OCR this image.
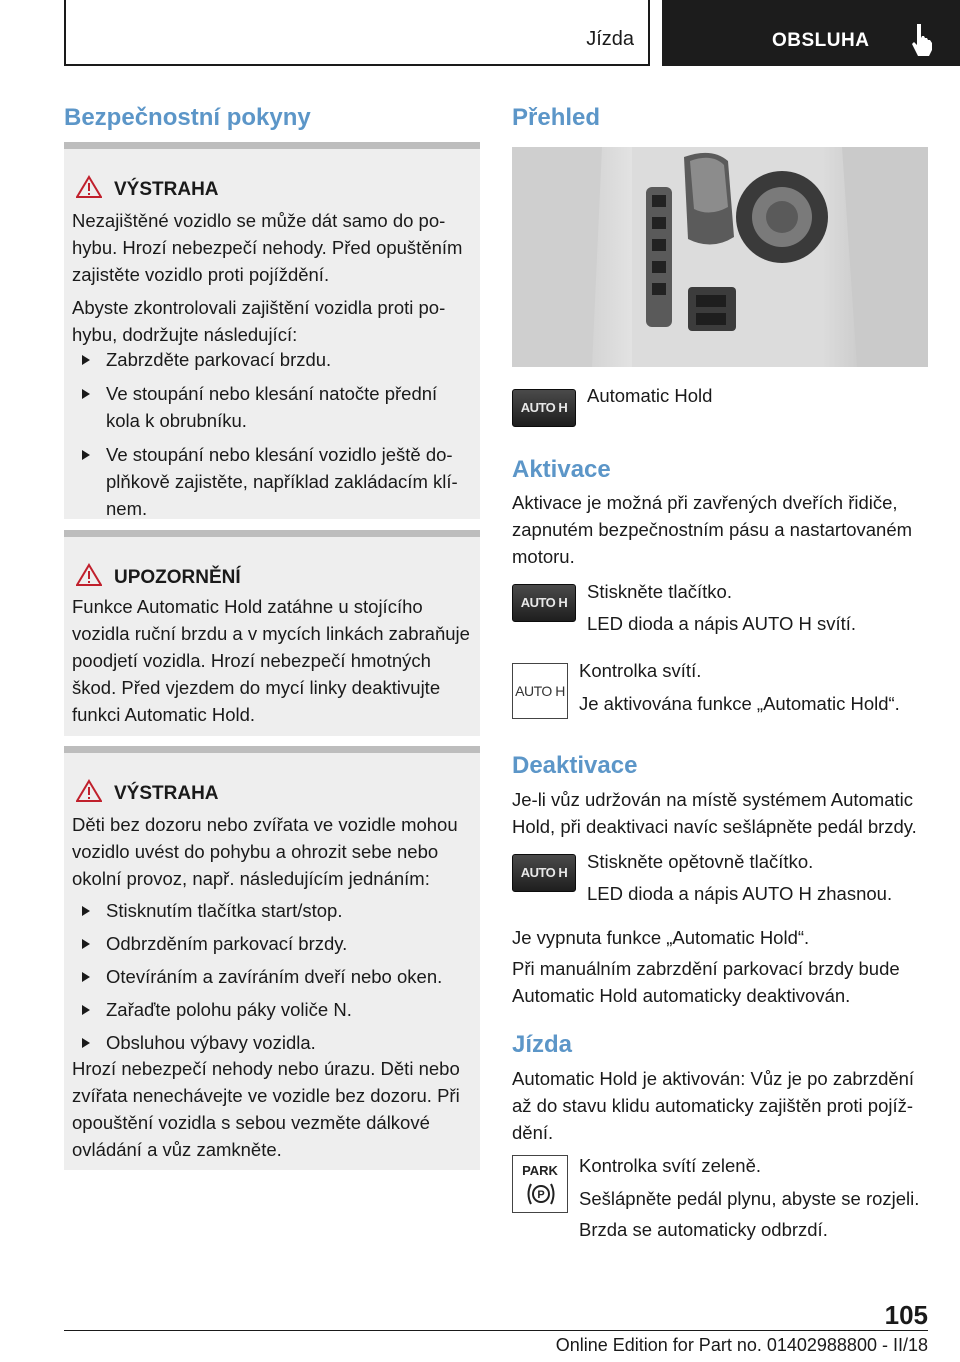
Jízda	OBSLUHA
Bezpečnostní pokyny
VÝSTRAHA
Nezajištěné vozidlo se může dát samo do po‐
hybu. Hrozí nebezpečí nehody. Před opuštěním
zajistěte vozidlo proti pojíždění.
Abyste zkontrolovali zajištění vozidla proti po‐
hybu, dodržujte následující:
Zabrzděte parkovací brzdu.
Ve stoupání nebo klesání natočte přední
kola k obrubníku.
Ve stoupání nebo klesání vozidlo ještě do‐
plňkově zajistěte, například zakládacím klí‐
nem.
UPOZORNĚNÍ
Funkce Automatic Hold zatáhne u stojícího
vozidla ruční brzdu a v mycích linkách zabraňuje
poodjetí vozidla. Hrozí nebezpečí hmotných
škod. Před vjezdem do mycí linky deaktivujte
funkci Automatic Hold.
VÝSTRAHA
Děti bez dozoru nebo zvířata ve vozidle mohou
vozidlo uvést do pohybu a ohrozit sebe nebo
okolní provoz, např. následujícím jednáním:
Stisknutím tlačítka start/stop.
Odbrzděním parkovací brzdy.
Otevíráním a zavíráním dveří nebo oken.
Zařaďte polohu páky voliče N.
Obsluhou výbavy vozidla.
Hrozí nebezpečí nehody nebo úrazu. Děti nebo
zvířata nenechávejte ve vozidle bez dozoru. Při
opouštění vozidla s sebou vezměte dálkové
ovládání a vůz zamkněte.
Přehled
AUTO H
Automatic Hold
Aktivace
Aktivace je možná při zavřených dveřích řidiče,
zapnutém bezpečnostním pásu a nastartovaném
motoru.
AUTO H
Stiskněte tlačítko.
LED dioda a nápis AUTO H svítí.
AUTO H
Kontrolka svítí.
Je aktivována funkce „Automatic Hold“.
Deaktivace
Je-li vůz udržován na místě systémem Automatic
Hold, při deaktivaci navíc sešlápněte pedál brzdy.
AUTO H
Stiskněte opětovně tlačítko.
LED dioda a nápis AUTO H zhasnou.
Je vypnuta funkce „Automatic Hold“.
Při manuálním zabrzdění parkovací brzdy bude
Automatic Hold automaticky deaktivován.
Jízda
Automatic Hold je aktivován: Vůz je po zabrzdění
až do stavu klidu automaticky zajištěn proti pojíž‐
dění.
PARK
P
Kontrolka svítí zeleně.
Sešlápněte pedál plynu, abyste se rozjeli.
Brzda se automaticky odbrzdí.
105
Online Edition for Part no. 01402988800 - II/18
